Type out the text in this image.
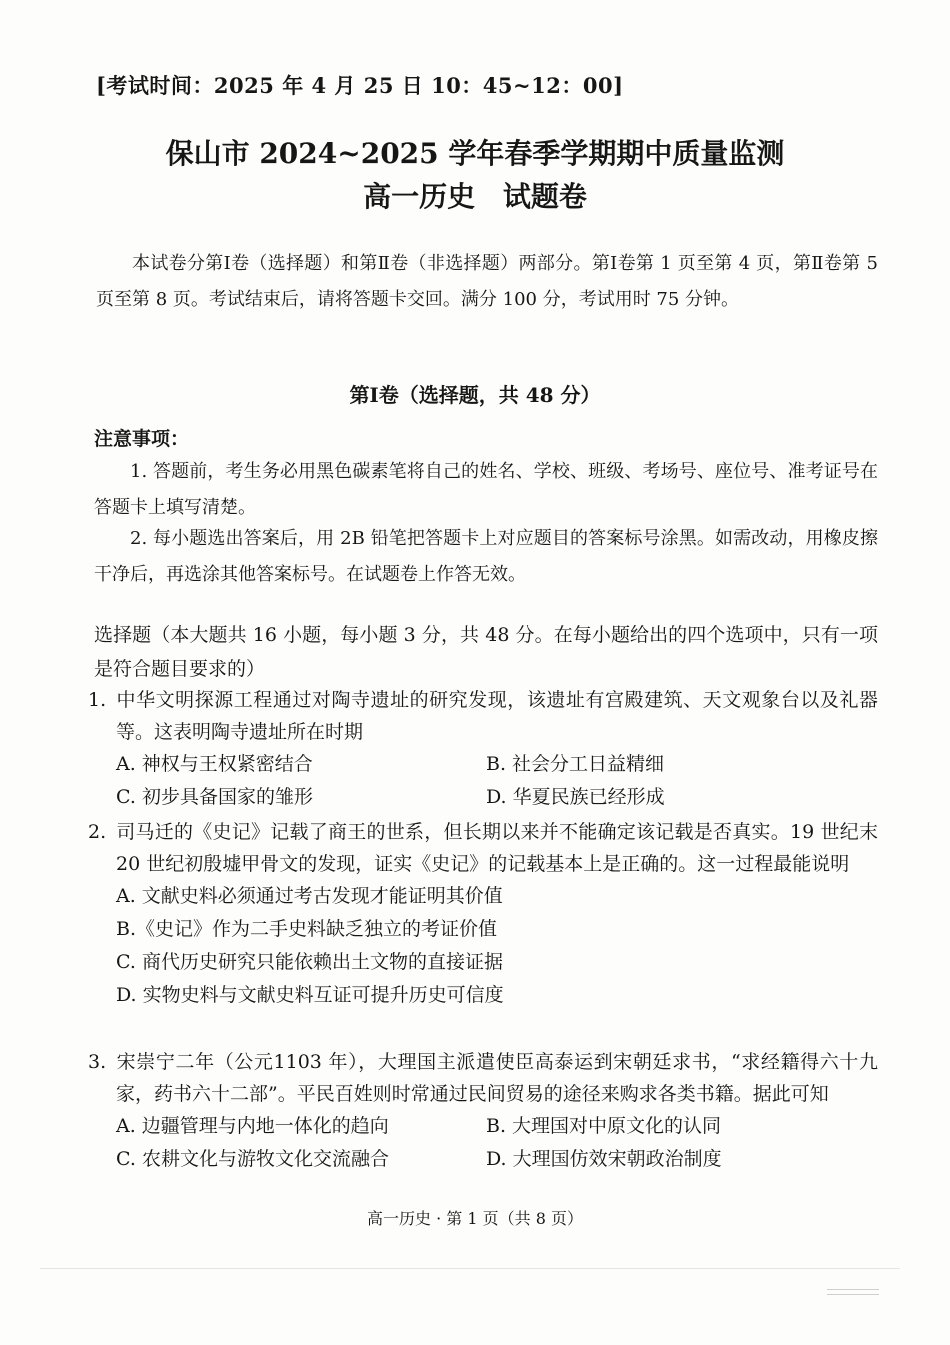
[考试时间：2025 年 4 月 25 日 10：45~12：00]
保山市 2024~2025 学年春季学期期中质量监测
高一历史 试题卷
本试卷分第Ⅰ卷（选择题）和第Ⅱ卷（非选择题）两部分。第Ⅰ卷第 1 页至第 4 页，第Ⅱ卷第 5 页至第 8 页。考试结束后，请将答题卡交回。满分 100 分，考试用时 75 分钟。
第Ⅰ卷（选择题，共 48 分）
注意事项：
1. 答题前，考生务必用黑色碳素笔将自己的姓名、学校、班级、考场号、座位号、准考证号在答题卡上填写清楚。
2. 每小题选出答案后，用 2B 铅笔把答题卡上对应题目的答案标号涂黑。如需改动，用橡皮擦干净后，再选涂其他答案标号。在试题卷上作答无效。
选择题（本大题共 16 小题，每小题 3 分，共 48 分。在每小题给出的四个选项中，只有一项是符合题目要求的）
1. 中华文明探源工程通过对陶寺遗址的研究发现，该遗址有宫殿建筑、天文观象台以及礼器等。这表明陶寺遗址所在时期
A. 神权与王权紧密结合	B. 社会分工日益精细
C. 初步具备国家的雏形	D. 华夏民族已经形成
2. 司马迁的《史记》记载了商王的世系，但长期以来并不能确定该记载是否真实。19 世纪末 20 世纪初殷墟甲骨文的发现，证实《史记》的记载基本上是正确的。这一过程最能说明
A. 文献史料必须通过考古发现才能证明其价值
B.《史记》作为二手史料缺乏独立的考证价值
C. 商代历史研究只能依赖出土文物的直接证据
D. 实物史料与文献史料互证可提升历史可信度
3. 宋崇宁二年（公元1103 年），大理国主派遣使臣高泰运到宋朝廷求书，“求经籍得六十九家，药书六十二部”。平民百姓则时常通过民间贸易的途径来购求各类书籍。据此可知
A. 边疆管理与内地一体化的趋向	B. 大理国对中原文化的认同
C. 农耕文化与游牧文化交流融合	D. 大理国仿效宋朝政治制度
高一历史 · 第 1 页（共 8 页）
